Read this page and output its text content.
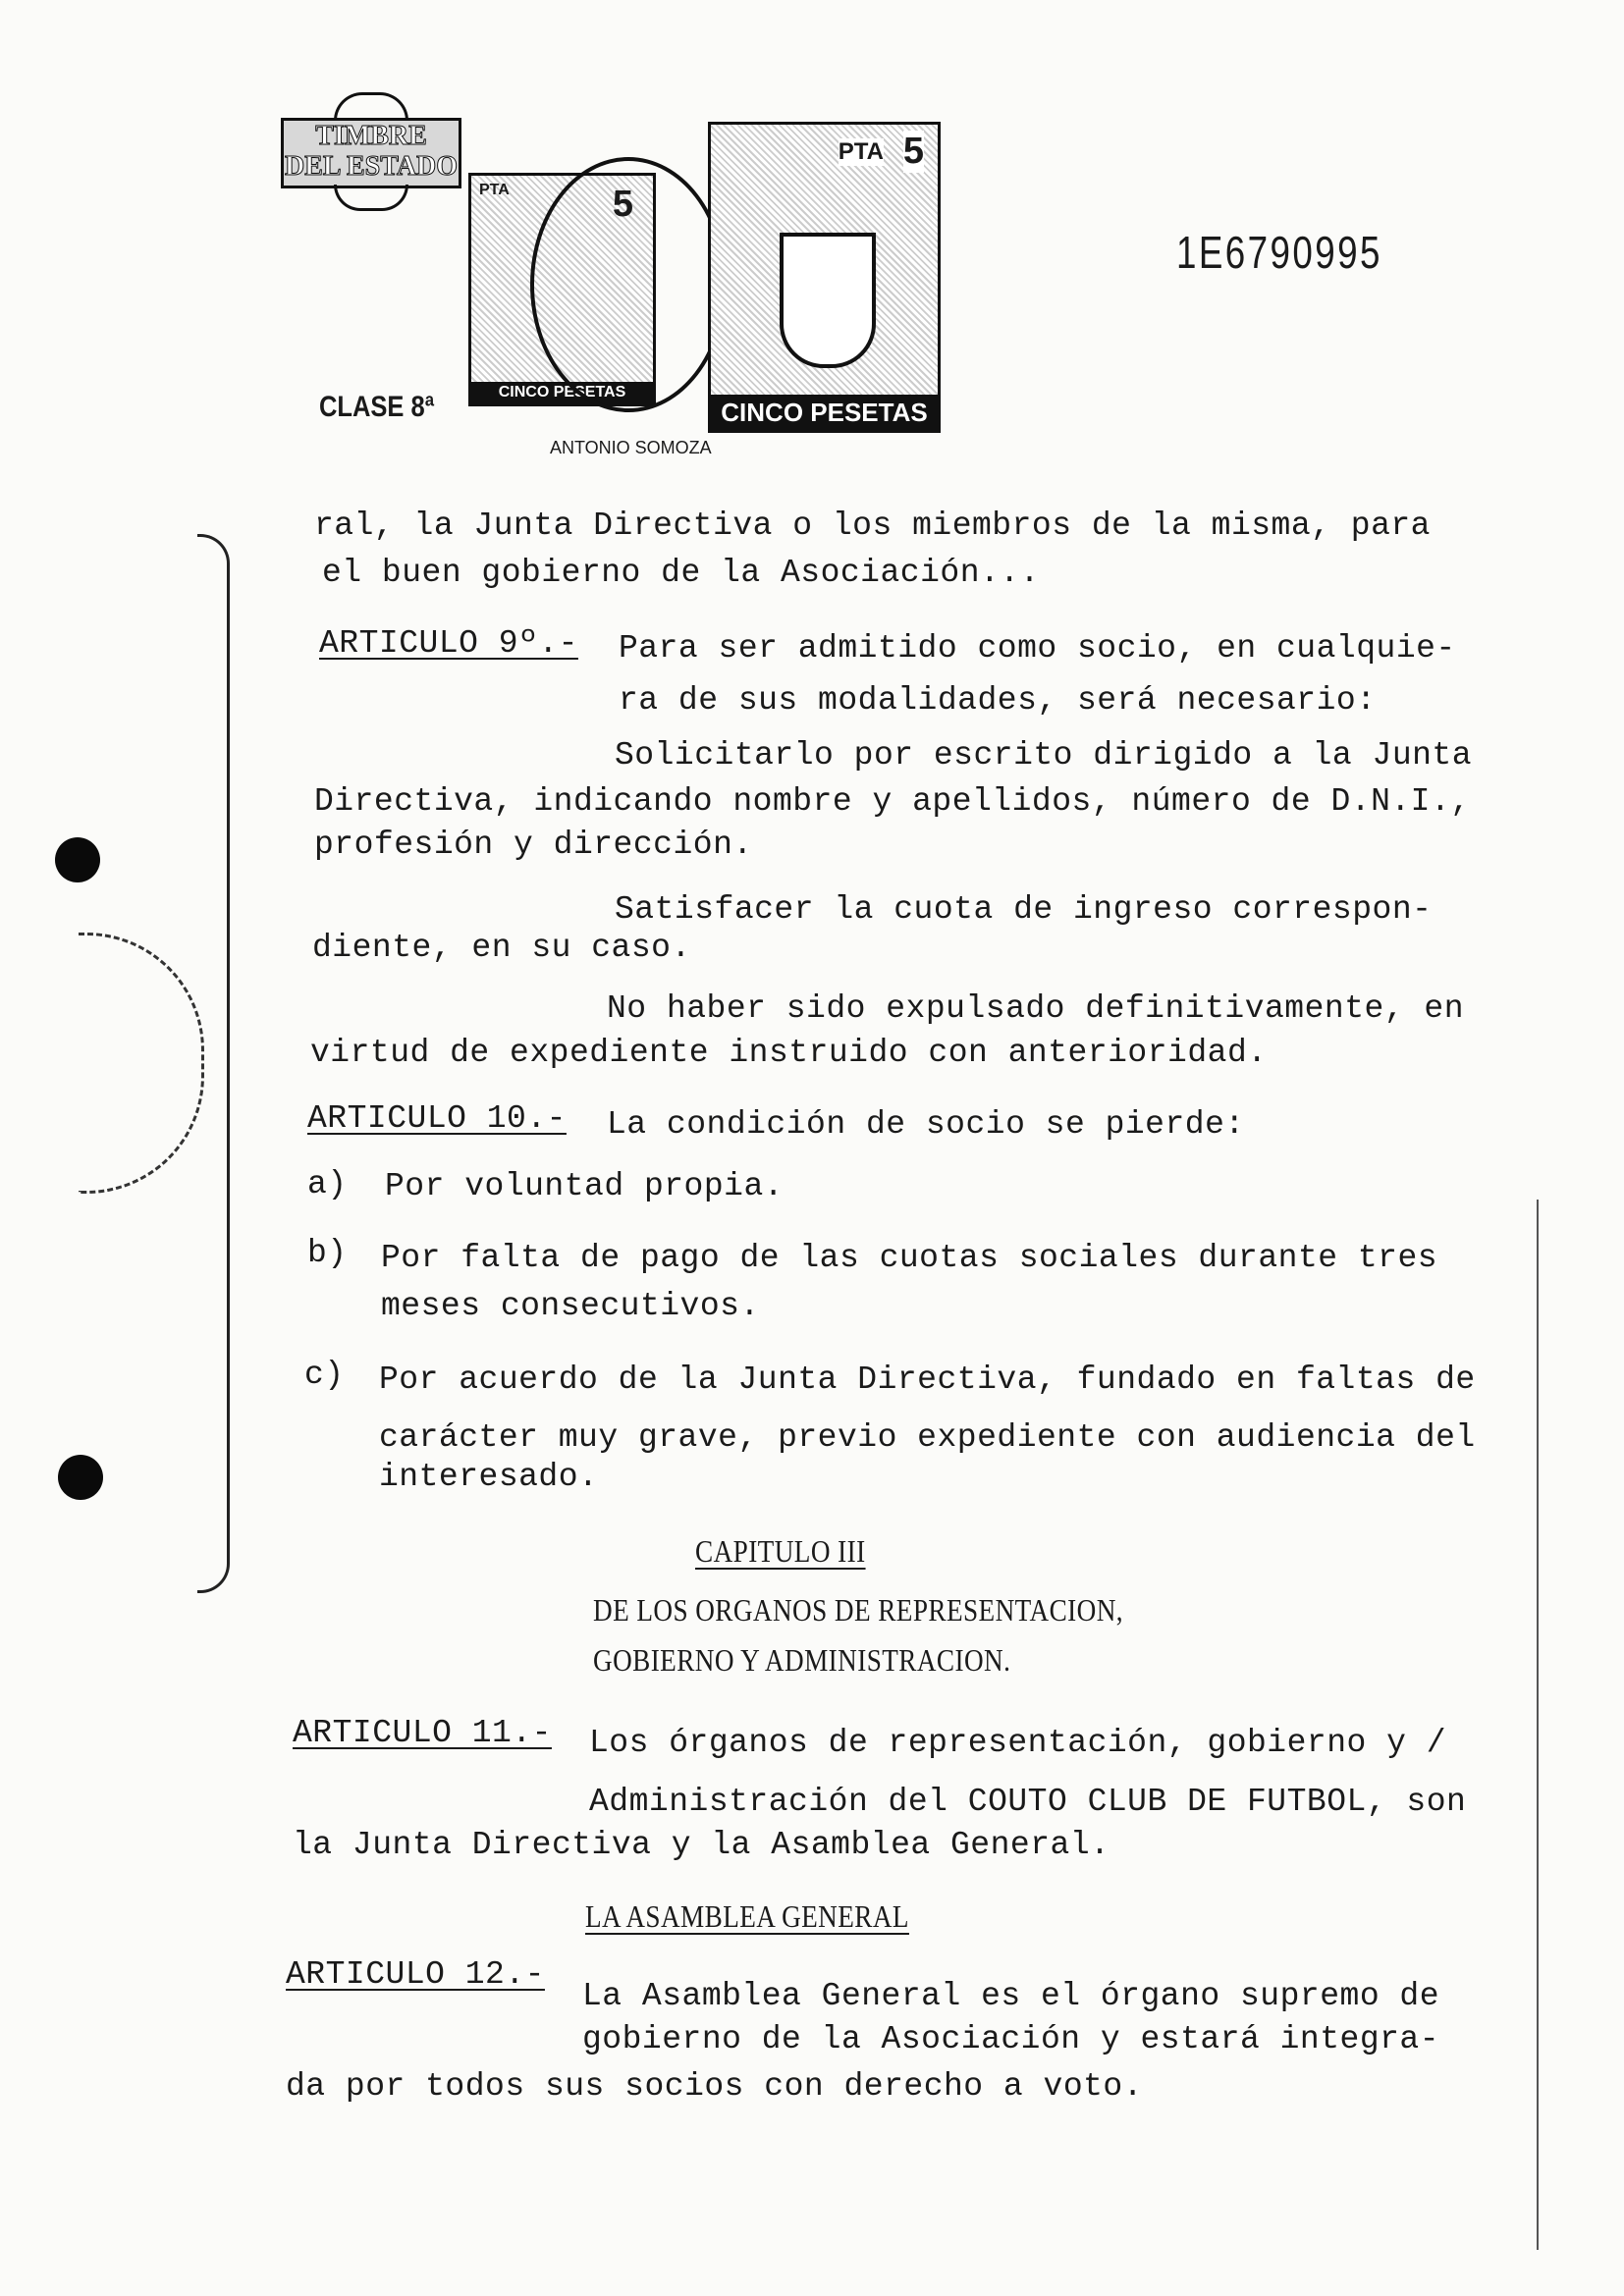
TIMBRE
DEL ESTADO
PTA	5
CINCO PESETAS
ANTONIO SOMOZA
PTA 5
CINCO PESETAS
CLASE 8ª
1E6790995
ral, la Junta Directiva o los miembros de la misma, para
el buen gobierno de la Asociación...
ARTICULO 9º.- Para ser admitido como socio, en cualquie-
ra de sus modalidades, será necesario:
Solicitarlo por escrito dirigido a la Junta
Directiva, indicando nombre y apellidos, número de D.N.I.,
profesión y dirección.
Satisfacer la cuota de ingreso correspon-
diente, en su caso.
No haber sido expulsado definitivamente, en
virtud de expediente instruido con anterioridad.
ARTICULO 10.- La condición de socio se pierde:
a) Por voluntad propia.
b) Por falta de pago de las cuotas sociales durante tres
meses consecutivos.
c) Por acuerdo de la Junta Directiva, fundado en faltas de
carácter muy grave, previo expediente con audiencia del
interesado.
CAPITULO III
DE LOS ORGANOS DE REPRESENTACION,
GOBIERNO Y ADMINISTRACION.
ARTICULO 11.- Los órganos de representación, gobierno y /
Administración del COUTO CLUB DE FUTBOL, son
la Junta Directiva y la Asamblea General.
LA ASAMBLEA GENERAL
ARTICULO 12.-
La Asamblea General es el órgano supremo de
gobierno de la Asociación y estará integra-
da por todos sus socios con derecho a voto.
